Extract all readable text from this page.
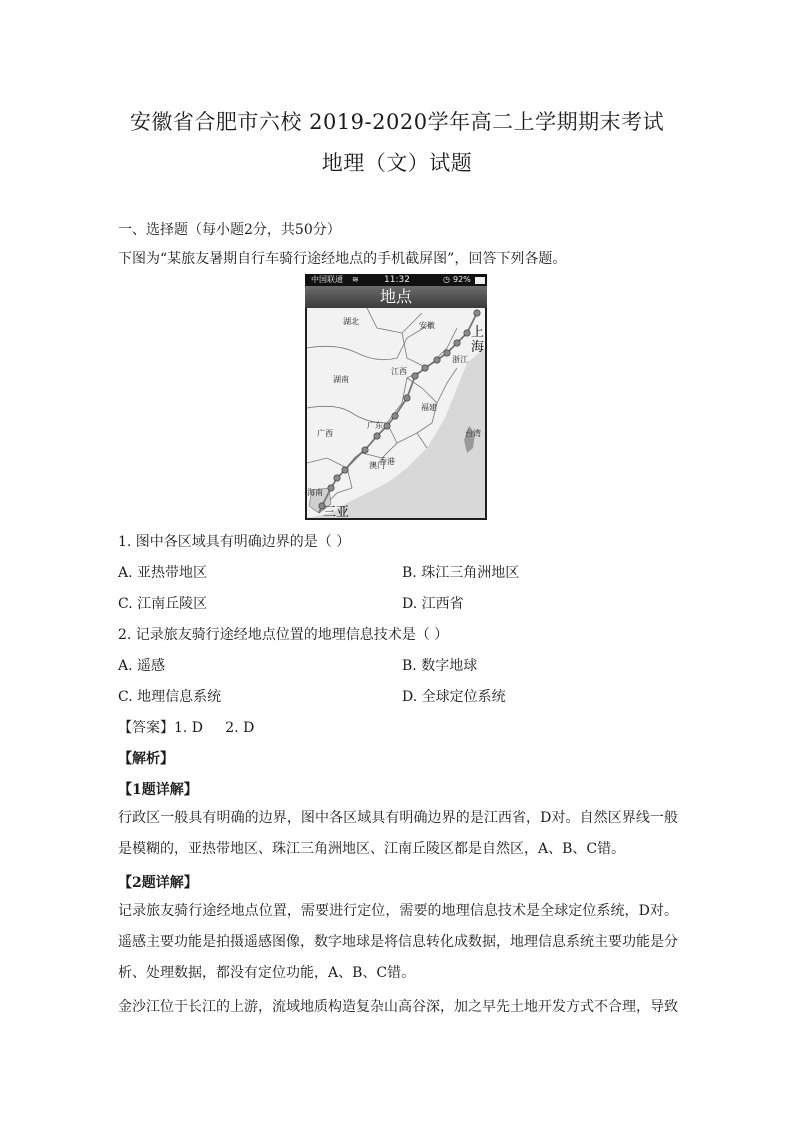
安徽省合肥市六校 2019-2020学年高二上学期期末考试
地理（文）试题
一、选择题（每小题2分，共50分）
下图为“某旅友暑期自行车骑行途经地点的手机截屏图”，回答下列各题。
中国联通 ≋	11:32	◷ 92%
地点
湖北	安徽	上
海
浙江
湖南
江西
福建
广西
广东
台湾
香港
澳门
海南
三亚
1. 图中各区域具有明确边界的是（ ）
A. 亚热带地区	B. 珠江三角洲地区
C. 江南丘陵区	D. 江西省
2. 记录旅友骑行途经地点位置的地理信息技术是（ ）
A. 遥感	B. 数字地球
C. 地理信息系统	D. 全球定位系统
【答案】1. D     2. D
【解析】
【1题详解】
行政区一般具有明确的边界，图中各区域具有明确边界的是江西省，D对。自然区界线一般是模糊的，亚热带地区、珠江三角洲地区、江南丘陵区都是自然区，A、B、C错。
【2题详解】
记录旅友骑行途经地点位置，需要进行定位，需要的地理信息技术是全球定位系统，D对。遥感主要功能是拍摄遥感图像，数字地球是将信息转化成数据，地理信息系统主要功能是分析、处理数据，都没有定位功能，A、B、C错。
金沙江位于长江的上游，流域地质构造复杂山高谷深，加之早先土地开发方式不合理，导致
